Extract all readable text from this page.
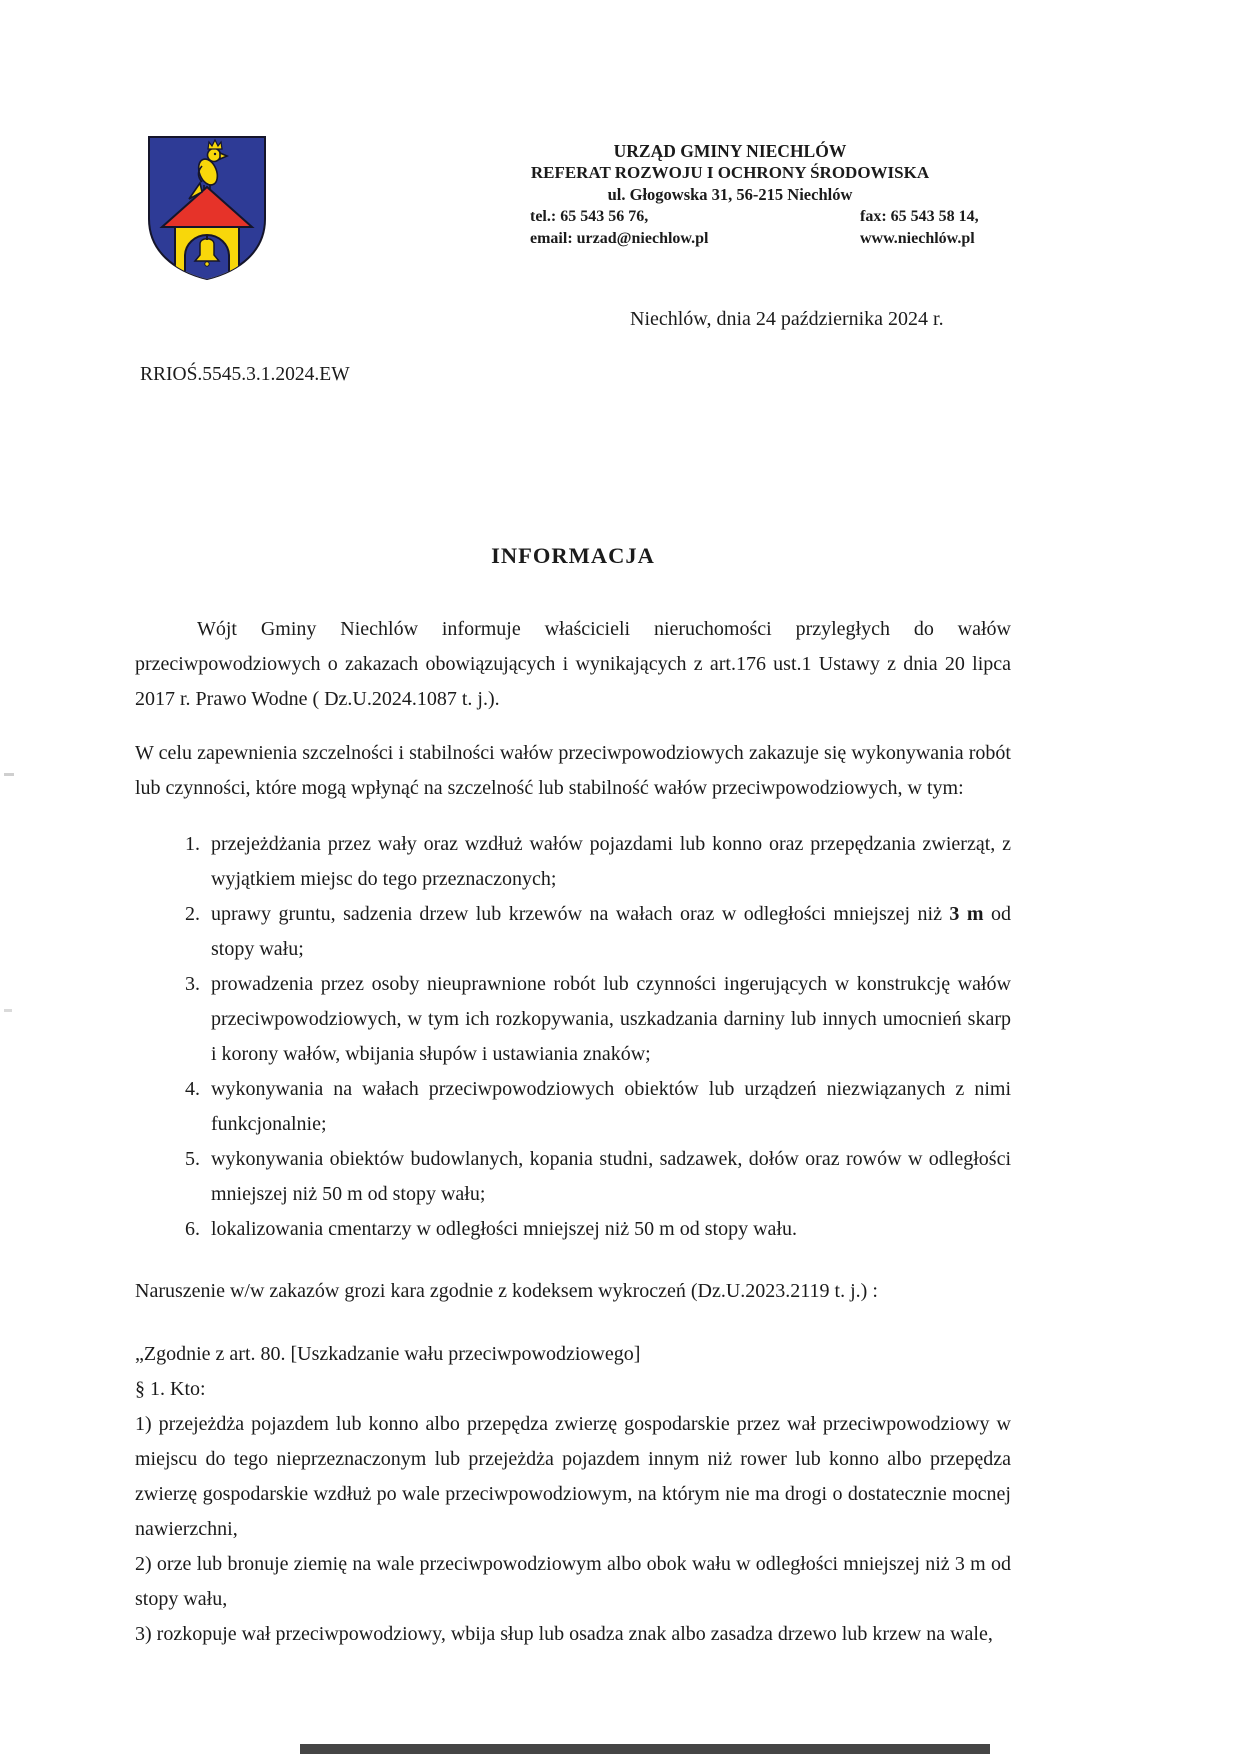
URZĄD GMINY NIECHLÓW
REFERAT ROZWOJU I OCHRONY ŚRODOWISKA
ul. Głogowska 31, 56-215 Niechlów
tel.: 65 543 56 76,	fax: 65 543 58 14,
email: urzad@niechlow.pl	www.niechlów.pl
Niechlów, dnia 24 października 2024 r.
RRIOŚ.5545.3.1.2024.EW
INFORMACJA

Wójt Gminy Niechlów informuje właścicieli nieruchomości przyległych do wałów przeciwpowodziowych o zakazach obowiązujących i wynikających z art.176 ust.1 Ustawy z dnia 20 lipca 2017 r. Prawo Wodne ( Dz.U.2024.1087 t. j.).

W celu zapewnienia szczelności i stabilności wałów przeciwpowodziowych zakazuje się wykonywania robót lub czynności, które mogą wpłynąć na szczelność lub stabilność wałów przeciwpowodziowych, w tym:

1. przejeżdżania przez wały oraz wzdłuż wałów pojazdami lub konno oraz przepędzania zwierząt, z wyjątkiem miejsc do tego przeznaczonych;
2. uprawy gruntu, sadzenia drzew lub krzewów na wałach oraz w odległości mniejszej niż 3 m od stopy wału;
3. prowadzenia przez osoby nieuprawnione robót lub czynności ingerujących w konstrukcję wałów przeciwpowodziowych, w tym ich rozkopywania, uszkadzania darniny lub innych umocnień skarp i korony wałów, wbijania słupów i ustawiania znaków;
4. wykonywania na wałach przeciwpowodziowych obiektów lub urządzeń niezwiązanych z nimi funkcjonalnie;
5. wykonywania obiektów budowlanych, kopania studni, sadzawek, dołów oraz rowów w odległości mniejszej niż 50 m od stopy wału;
6. lokalizowania cmentarzy w odległości mniejszej niż 50 m od stopy wału.

Naruszenie w/w zakazów grozi kara zgodnie z kodeksem wykroczeń (Dz.U.2023.2119 t. j.) :

„Zgodnie z art. 80. [Uszkadzanie wału przeciwpowodziowego]

§ 1. Kto:

1) przejeżdża pojazdem lub konno albo przepędza zwierzę gospodarskie przez wał przeciwpowodziowy w miejscu do tego nieprzeznaczonym lub przejeżdża pojazdem innym niż rower lub konno albo przepędza zwierzę gospodarskie wzdłuż po wale przeciwpowodziowym, na którym nie ma drogi o dostatecznie mocnej nawierzchni,

2) orze lub bronuje ziemię na wale przeciwpowodziowym albo obok wału w odległości mniejszej niż 3 m od stopy wału,

3) rozkopuje wał przeciwpowodziowy, wbija słup lub osadza znak albo zasadza drzewo lub krzew na wale,
